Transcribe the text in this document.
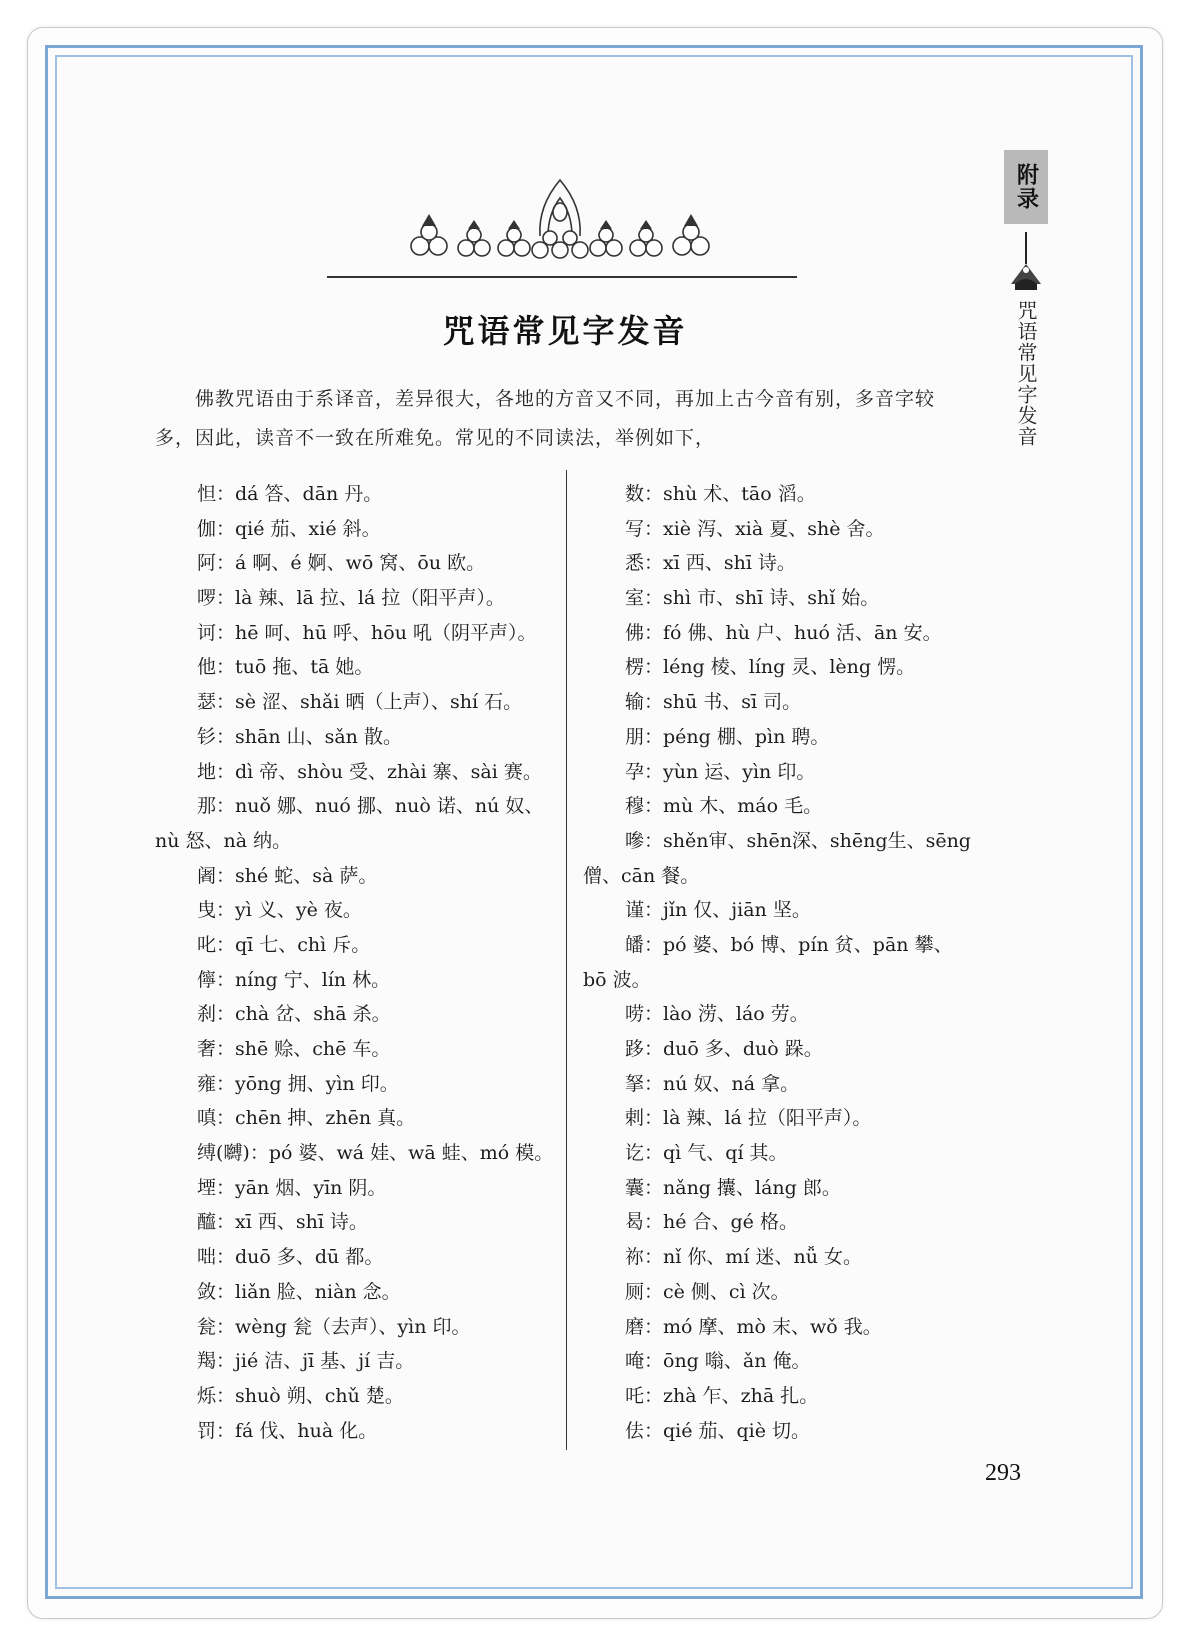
附录
咒语常见字发音
咒语常见字发音
佛教咒语由于系译音，差异很大，各地的方音又不同，再加上古今音有别，多音字较多，因此，读音不一致在所难免。常见的不同读法，举例如下，
怛：dá 答、dān 丹。
伽：qié 茄、xié 斜。
阿：á 啊、é 婀、wō 窝、ōu 欧。
啰：là 辣、lā 拉、lá 拉（阳平声）。
诃：hē 呵、hū 呼、hōu 吼（阴平声）。
他：tuō 拖、tā 她。
瑟：sè 涩、shǎi 晒（上声）、shí 石。
钐：shān 山、sǎn 散。
地：dì 帝、shòu 受、zhài 寨、sài 赛。
那：nuǒ 娜、nuó 挪、nuò 诺、nú 奴、
nù 怒、nà 纳。
阇：shé 蛇、sà 萨。
曳：yì 义、yè 夜。
叱：qī 七、chì 斥。
儜：níng 宁、lín 林。
刹：chà 岔、shā 杀。
奢：shē 赊、chē 车。
雍：yōng 拥、yìn 印。
嗔：chēn 抻、zhēn 真。
缚(嚩)：pó 婆、wá 娃、wā 蛙、mó 模。
堙：yān 烟、yīn 阴。
醯：xī 西、shī 诗。
咄：duō 多、dū 都。
敛：liǎn 脸、niàn 念。
瓮：wèng 瓮（去声）、yìn 印。
羯：jié 洁、jī 基、jí 吉。
烁：shuò 朔、chǔ 楚。
罚：fá 伐、huà 化。
数：shù 术、tāo 滔。
写：xiè 泻、xià 夏、shè 舍。
悉：xī 西、shī 诗。
室：shì 市、shī 诗、shǐ 始。
佛：fó 佛、hù 户、huó 活、ān 安。
楞：léng 棱、líng 灵、lèng 愣。
输：shū 书、sī 司。
朋：péng 棚、pìn 聘。
孕：yùn 运、yìn 印。
穆：mù 木、máo 毛。
嘇：shěn审、shēn深、shēng生、sēng
僧、cān 餐。
谨：jǐn 仅、jiān 坚。
皤：pó 婆、bó 博、pín 贫、pān 攀、
bō 波。
唠：lào 涝、láo 劳。
跢：duō 多、duò 跺。
拏：nú 奴、ná 拿。
剌：là 辣、lá 拉（阳平声）。
讫：qì 气、qí 其。
囊：nǎng 攮、láng 郎。
曷：hé 合、gé 格。
祢：nǐ 你、mí 迷、nǚ 女。
厕：cè 侧、cì 次。
磨：mó 摩、mò 末、wǒ 我。
唵：ōng 嗡、ǎn 俺。
吒：zhà 乍、zhā 扎。
佉：qié 茄、qiè 切。
293
